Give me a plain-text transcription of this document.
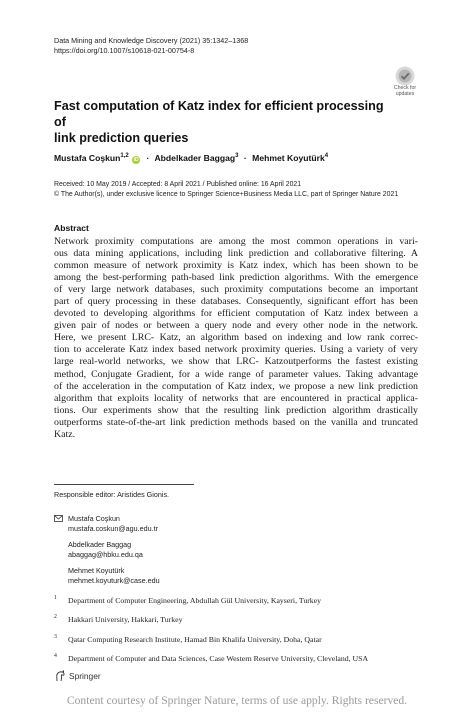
Data Mining and Knowledge Discovery (2021) 35:1342–1368
https://doi.org/10.1007/s10618-021-00754-8
Check for
updates
Fast computation of Katz index for efficient processing of
link prediction queries
Mustafa Coşkun$^{1,2}$ iD · Abdelkader Baggag$^3$ · Mehmet Koyutürk$^4$
Received: 10 May 2019 / Accepted: 8 April 2021 / Published online: 16 April 2021
© The Author(s), under exclusive licence to Springer Science+Business Media LLC, part of Springer Nature 2021
Abstract
Network proximity computations are among the most common operations in vari-
ous data mining applications, including link prediction and collaborative filtering. A
common measure of network proximity is Katz index, which has been shown to be
among the best-performing path-based link prediction algorithms. With the emergence
of very large network databases, such proximity computations become an important
part of query processing in these databases. Consequently, significant effort has been
devoted to developing algorithms for efficient computation of Katz index between a
given pair of nodes or between a query node and every other node in the network.
Here, we present LRC- Katz, an algorithm based on indexing and low rank correc-
tion to accelerate Katz index based network proximity queries. Using a variety of very
large real-world networks, we show that LRC- Katzoutperforms the fastest existing
method, Conjugate Gradient, for a wide range of parameter values. Taking advantage
of the acceleration in the computation of Katz index, we propose a new link prediction
algorithm that exploits locality of networks that are encountered in practical applica-
tions. Our experiments show that the resulting link prediction algorithm drastically
outperforms state-of-the-art link prediction methods based on the vanilla and truncated
Katz.
Responsible editor: Aristides Gionis.
Mustafa Coşkun
mustafa.coskun@agu.edu.tr
Abdelkader Baggag
abaggag@hbku.edu.qa
Mehmet Koyutürk
mehmet.koyuturk@case.edu
1 Department of Computer Engineering, Abdullah Gül University, Kayseri, Turkey
2 Hakkari University, Hakkari, Turkey
3 Qatar Computing Research Institute, Hamad Bin Khalifa University, Doha, Qatar
4 Department of Computer and Data Sciences, Case Western Reserve University, Cleveland, USA
Springer
Content courtesy of Springer Nature, terms of use apply. Rights reserved.
